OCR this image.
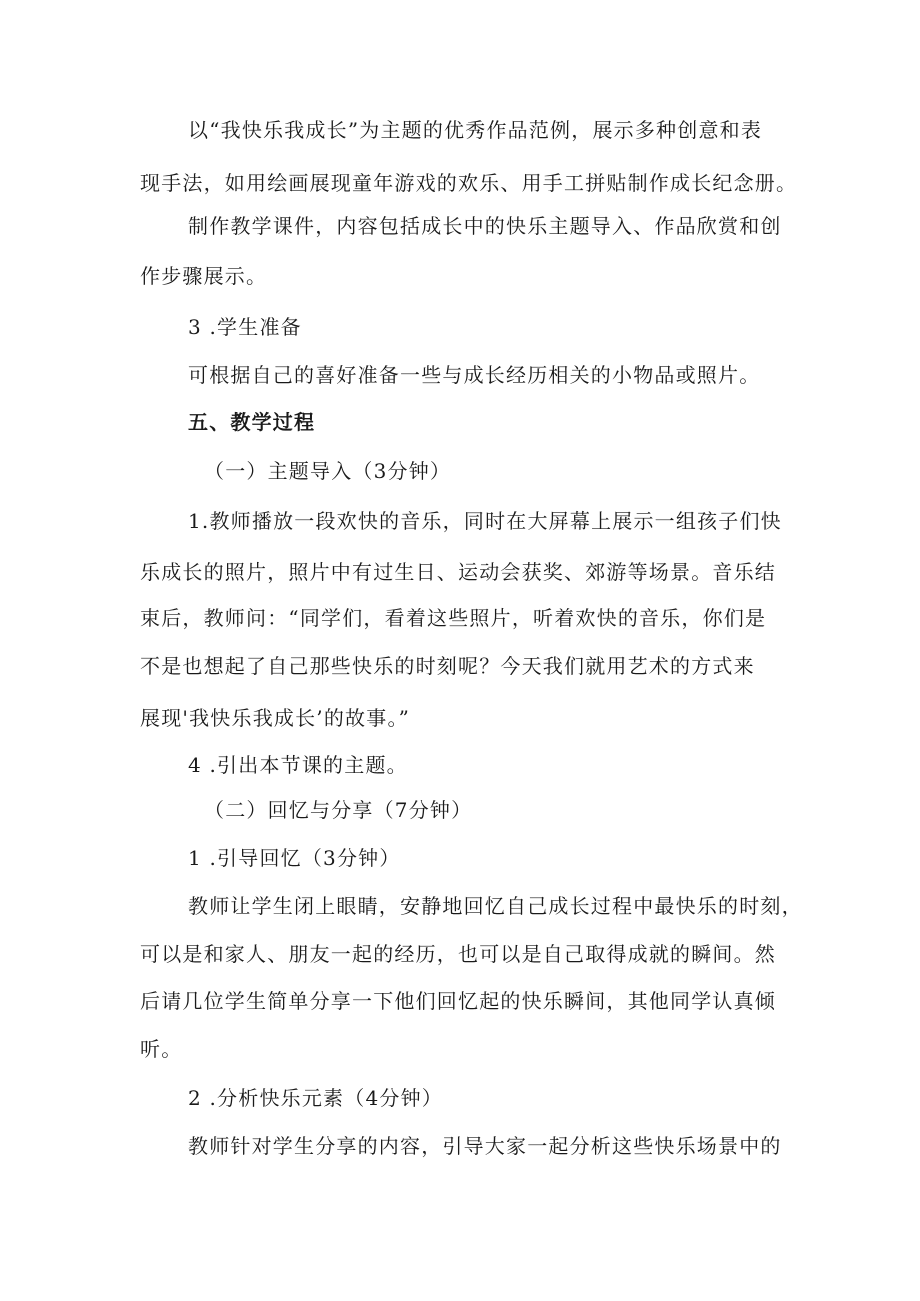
以“我快乐我成长”为主题的优秀作品范例，展示多种创意和表
现手法，如用绘画展现童年游戏的欢乐、用手工拼贴制作成长纪念册。
制作教学课件，内容包括成长中的快乐主题导入、作品欣赏和创
作步骤展示。
3 .学生准备
可根据自己的喜好准备一些与成长经历相关的小物品或照片。
五、教学过程
（一）主题导入（3分钟）
1.教师播放一段欢快的音乐，同时在大屏幕上展示一组孩子们快
乐成长的照片，照片中有过生日、运动会获奖、郊游等场景。音乐结
束后，教师问：“同学们，看着这些照片，听着欢快的音乐，你们是
不是也想起了自己那些快乐的时刻呢？今天我们就用艺术的方式来
展现'我快乐我成长’的故事。”
4 .引出本节课的主题。
（二）回忆与分享（7分钟）
1 .引导回忆（3分钟）
教师让学生闭上眼睛，安静地回忆自己成长过程中最快乐的时刻，
可以是和家人、朋友一起的经历，也可以是自己取得成就的瞬间。然
后请几位学生简单分享一下他们回忆起的快乐瞬间，其他同学认真倾
听。
2 .分析快乐元素（4分钟）
教师针对学生分享的内容，引导大家一起分析这些快乐场景中的
